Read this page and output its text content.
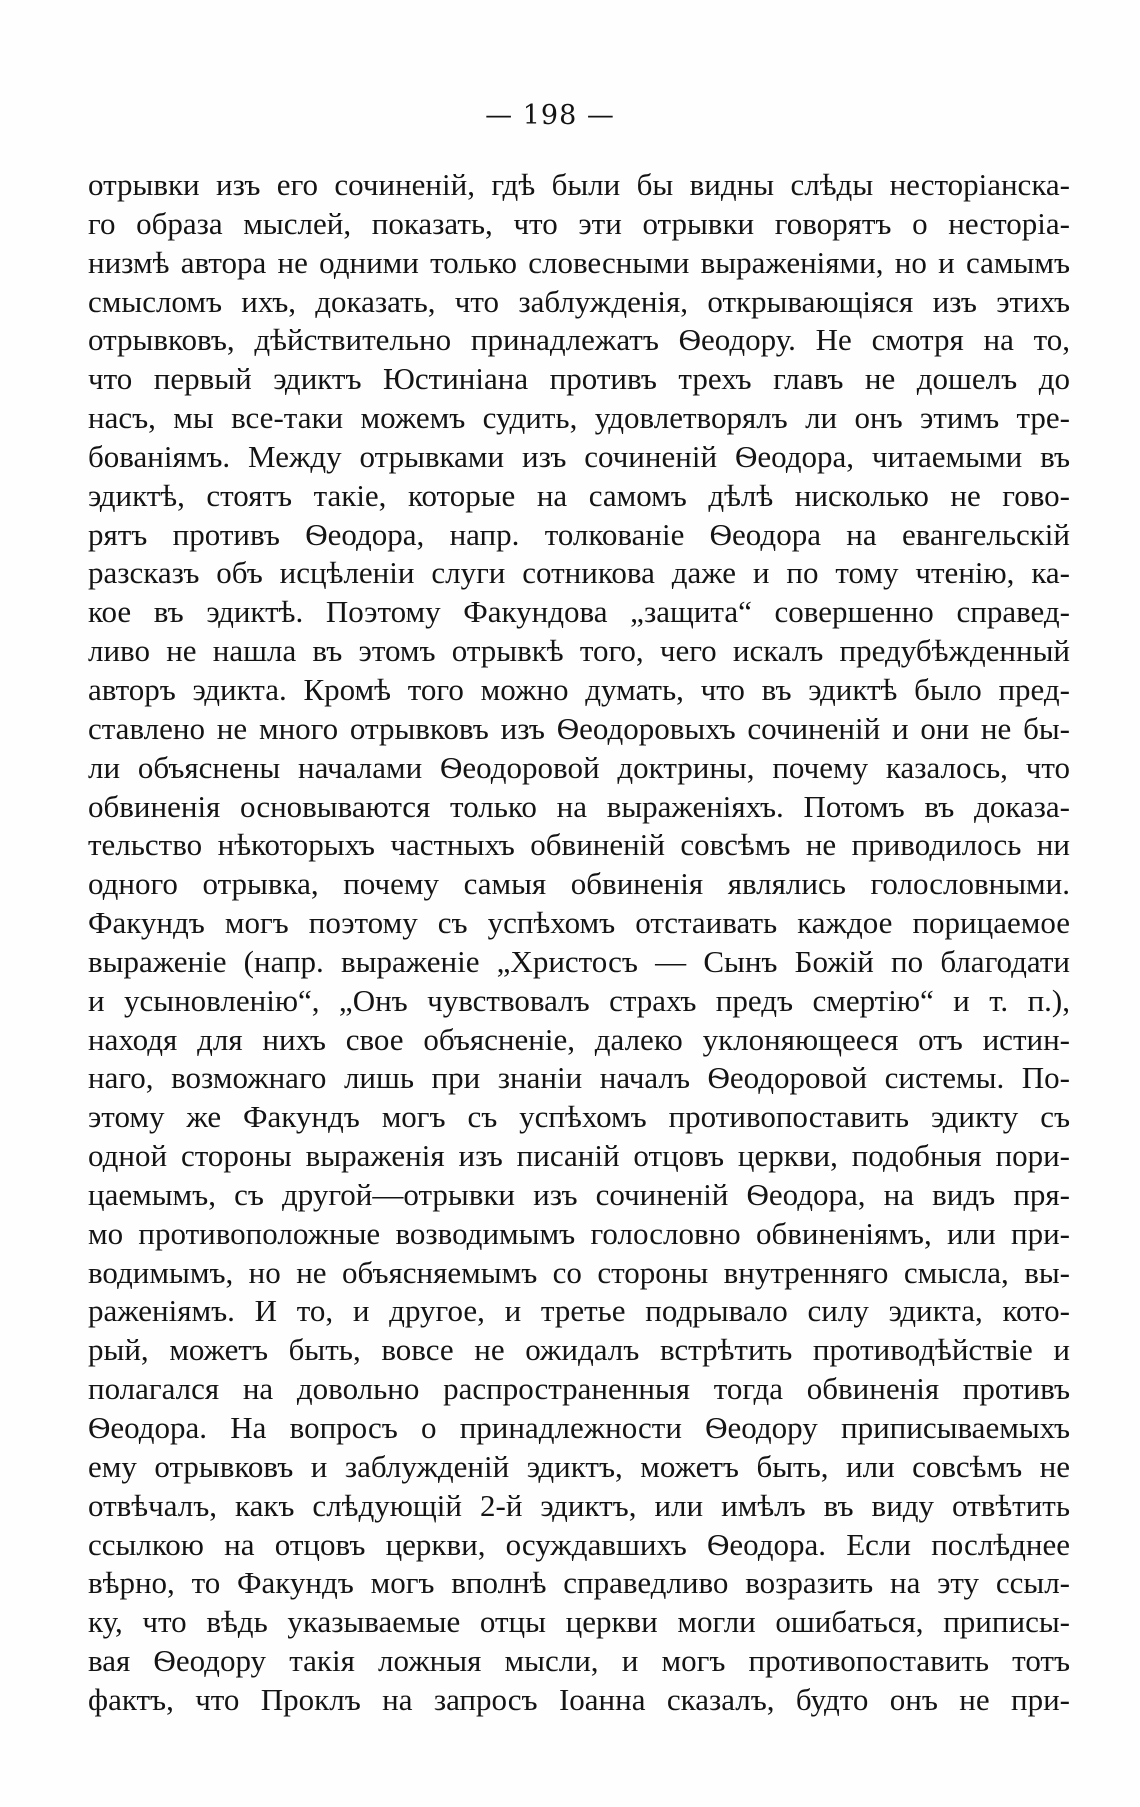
— 198 —
отрывки изъ его сочиненій, гдѣ были бы видны слѣды несторіанска-
го образа мыслей, показать, что эти отрывки говорятъ о несторіа-
низмѣ автора не одними только словесными выраженіями, но и самымъ
смысломъ ихъ, доказать, что заблужденія, открывающіяся изъ этихъ
отрывковъ, дѣйствительно принадлежатъ Ѳеодору. Не смотря на то,
что первый эдиктъ Юстиніана противъ трехъ главъ не дошелъ до
насъ, мы все-таки можемъ судить, удовлетворялъ ли онъ этимъ тре-
бованіямъ. Между отрывками изъ сочиненій Ѳеодора, читаемыми въ
эдиктѣ, стоятъ такіе, которые на самомъ дѣлѣ нисколько не гово-
рятъ противъ Ѳеодора, напр. толкованіе Ѳеодора на евангельскій
разсказъ объ исцѣленіи слуги сотникова даже и по тому чтенію, ка-
кое въ эдиктѣ. Поэтому Факундова „защита“ совершенно справед-
ливо не нашла въ этомъ отрывкѣ того, чего искалъ предубѣжденный
авторъ эдикта. Кромѣ того можно думать, что въ эдиктѣ было пред-
ставлено не много отрывковъ изъ Ѳеодоровыхъ сочиненій и они не бы-
ли объяснены началами Ѳеодоровой доктрины, почему казалось, что
обвиненія основываются только на выраженіяхъ. Потомъ въ доказа-
тельство нѣкоторыхъ частныхъ обвиненій совсѣмъ не приводилось ни
одного отрывка, почему самыя обвиненія являлись голословными.
Факундъ могъ поэтому съ успѣхомъ отстаивать каждое порицаемое
выраженіе (напр. выраженіе „Христосъ — Сынъ Божій по благодати
и усыновленію“, „Онъ чувствовалъ страхъ предъ смертію“ и т. п.),
находя для нихъ свое объясненіе, далеко уклоняющееся отъ истин-
наго, возможнаго лишь при знаніи началъ Ѳеодоровой системы. По-
этому же Факундъ могъ съ успѣхомъ противопоставить эдикту съ
одной стороны выраженія изъ писаній отцовъ церкви, подобныя пори-
цаемымъ, съ другой—отрывки изъ сочиненій Ѳеодора, на видъ пря-
мо противоположные возводимымъ голословно обвиненіямъ, или при-
водимымъ, но не объясняемымъ со стороны внутренняго смысла, вы-
раженіямъ. И то, и другое, и третье подрывало силу эдикта, кото-
рый, можетъ быть, вовсе не ожидалъ встрѣтить противодѣйствіе и
полагался на довольно распространенныя тогда обвиненія противъ
Ѳеодора. На вопросъ о принадлежности Ѳеодору приписываемыхъ
ему отрывковъ и заблужденій эдиктъ, можетъ быть, или совсѣмъ не
отвѣчалъ, какъ слѣдующій 2-й эдиктъ, или имѣлъ въ виду отвѣтить
ссылкою на отцовъ церкви, осуждавшихъ Ѳеодора. Если послѣднее
вѣрно, то Факундъ могъ вполнѣ справедливо возразить на эту ссыл-
ку, что вѣдь указываемые отцы церкви могли ошибаться, приписы-
вая Ѳеодору такія ложныя мысли, и могъ противопоставить тотъ
фактъ, что Проклъ на запросъ Іоанна сказалъ, будто онъ не при-
